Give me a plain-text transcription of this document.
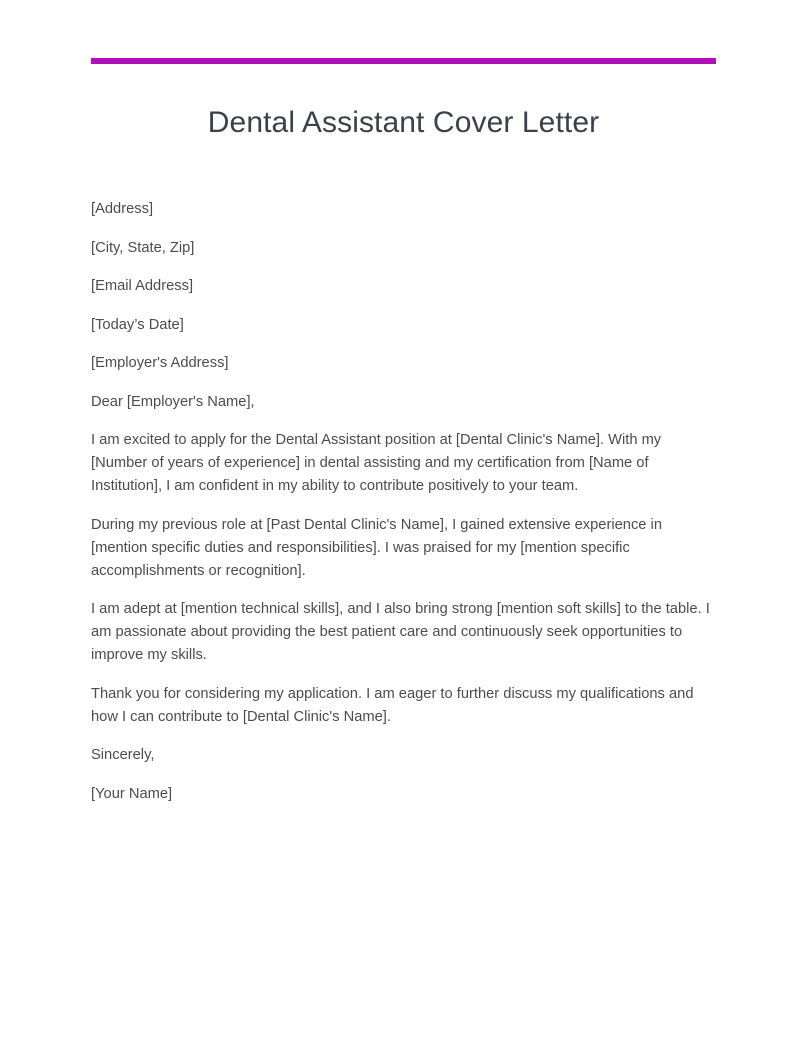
Dental Assistant Cover Letter

[Address]

[City, State, Zip]

[Email Address]

[Today’s Date]

[Employer's Address]

Dear [Employer's Name],

I am excited to apply for the Dental Assistant position at [Dental Clinic's Name]. With my [Number of years of experience] in dental assisting and my certification from [Name of Institution], I am confident in my ability to contribute positively to your team.

During my previous role at [Past Dental Clinic's Name], I gained extensive experience in [mention specific duties and responsibilities]. I was praised for my [mention specific accomplishments or recognition].

I am adept at [mention technical skills], and I also bring strong [mention soft skills] to the table. I am passionate about providing the best patient care and continuously seek opportunities to improve my skills.

Thank you for considering my application. I am eager to further discuss my qualifications and how I can contribute to [Dental Clinic's Name].

Sincerely,

[Your Name]
